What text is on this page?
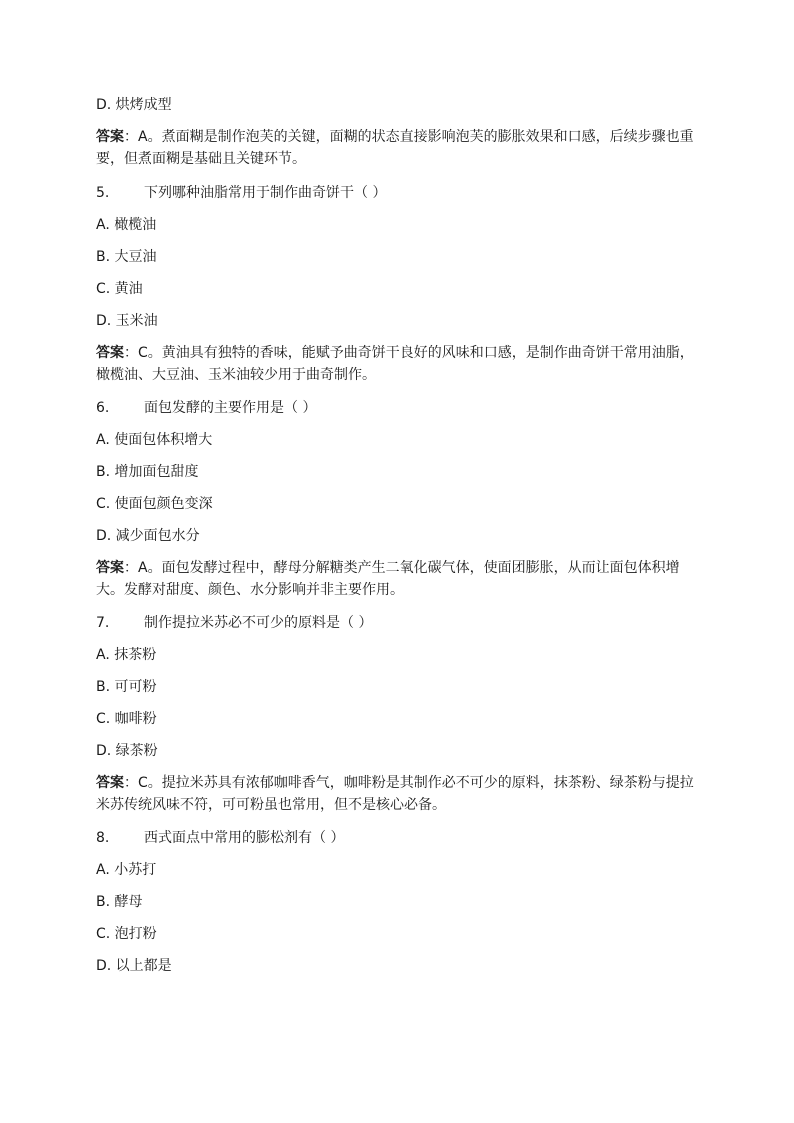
D. 烘烤成型
答案：A。煮面糊是制作泡芙的关键，面糊的状态直接影响泡芙的膨胀效果和口感，后续步骤也重要，但煮面糊是基础且关键环节。
5. 下列哪种油脂常用于制作曲奇饼干（ ）
A. 橄榄油
B. 大豆油
C. 黄油
D. 玉米油
答案：C。黄油具有独特的香味，能赋予曲奇饼干良好的风味和口感，是制作曲奇饼干常用油脂，橄榄油、大豆油、玉米油较少用于曲奇制作。
6. 面包发酵的主要作用是（ ）
A. 使面包体积增大
B. 增加面包甜度
C. 使面包颜色变深
D. 减少面包水分
答案：A。面包发酵过程中，酵母分解糖类产生二氧化碳气体，使面团膨胀，从而让面包体积增大。发酵对甜度、颜色、水分影响并非主要作用。
7. 制作提拉米苏必不可少的原料是（ ）
A. 抹茶粉
B. 可可粉
C. 咖啡粉
D. 绿茶粉
答案：C。提拉米苏具有浓郁咖啡香气，咖啡粉是其制作必不可少的原料，抹茶粉、绿茶粉与提拉米苏传统风味不符，可可粉虽也常用，但不是核心必备。
8. 西式面点中常用的膨松剂有（ ）
A. 小苏打
B. 酵母
C. 泡打粉
D. 以上都是
